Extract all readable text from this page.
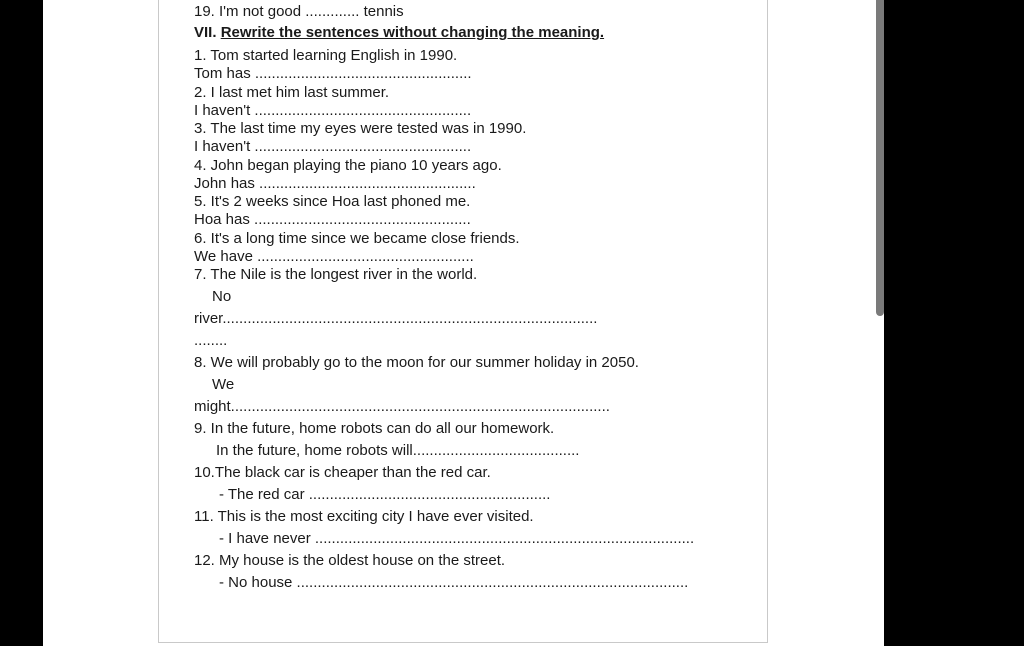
19. I'm not good ............. tennis
VII. Rewrite the sentences without changing the meaning.
1. Tom started learning English in 1990.
Tom has ....................................................
2. I last met him last summer.
I haven't ....................................................
3. The last time my eyes were tested was in 1990.
I haven't ....................................................
4. John began playing the piano 10 years ago.
John has ....................................................
5. It's 2 weeks since Hoa last phoned me.
Hoa has ....................................................
6. It's a long time since we became close friends.
We have ....................................................
7. The Nile is the longest river in the world.
No
river..........................................................................................
........
8. We will probably go to the moon for our summer holiday in 2050.
We
might...........................................................................................
9. In the future, home robots can do all our homework.
In the future, home robots will........................................
10.The black car is cheaper than the red car.
- The red car ..........................................................
11. This is the most exciting city I have ever visited.
- I have never ...........................................................................................
12. My house is the oldest house on the street.
- No house ..............................................................................................
